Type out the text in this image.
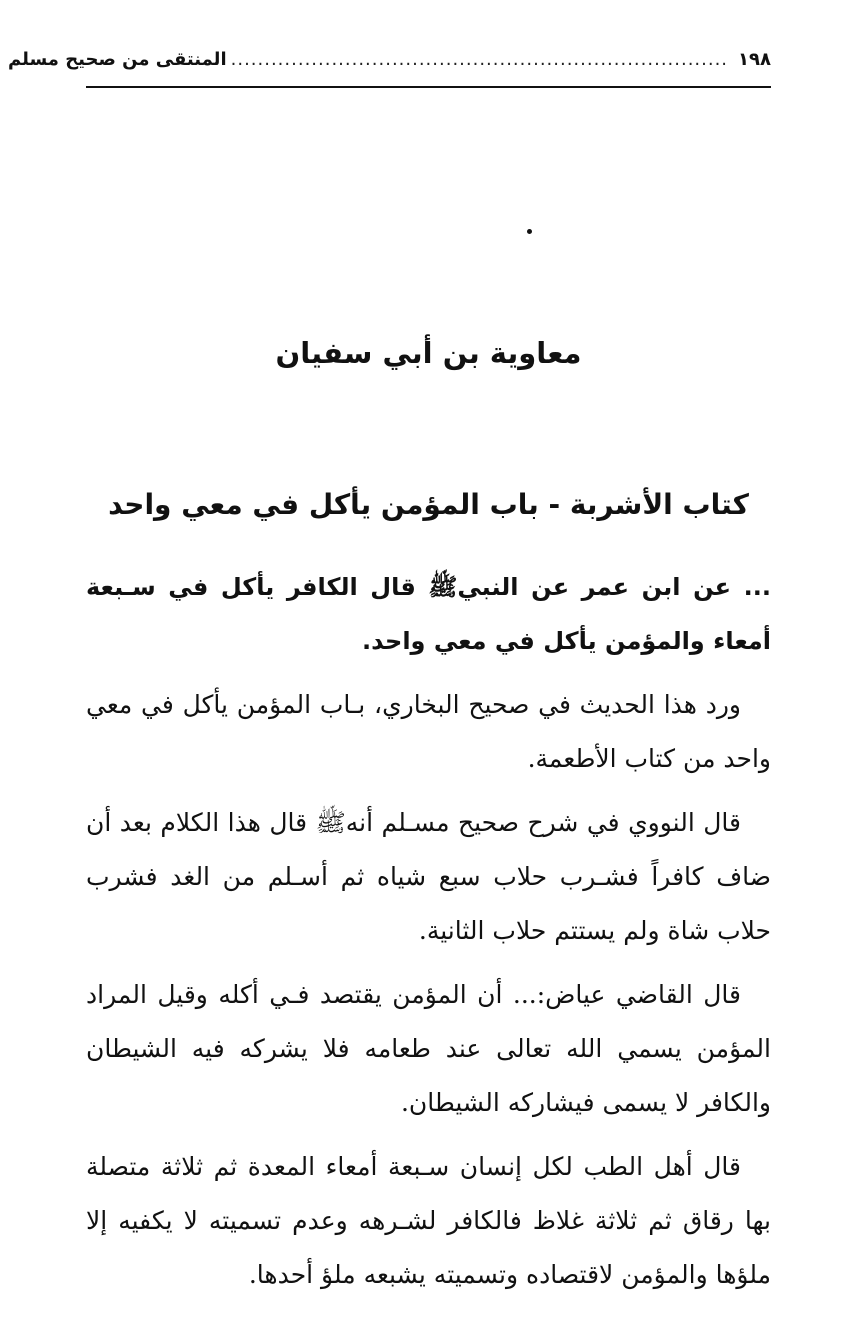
١٩٨
..........................................................................
المنتقى من صحيح مسلم
معاوية بن أبي سفيان
كتاب الأشربة - باب المؤمن يأكل في معي واحد

... عن ابن عمر عن النبيﷺ قال الكافر يأكل في سـبعة أمعاء والمؤمن يأكل في معي واحد.

ورد هذا الحديث في صحيح البخاري، بـاب المؤمن يأكل في معي واحد من كتاب الأطعمة.

قال النووي في شرح صحيح مسـلم أنهﷺ قال هذا الكلام بعد أن ضاف كافراً فشـرب حلاب سبع شياه ثم أسـلم من الغد فشرب حلاب شاة ولم يستتم حلاب الثانية.

قال القاضي عياض:... أن المؤمن يقتصد فـي أكله وقيل المراد المؤمن يسمي الله تعالى عند طعامه فلا يشركه فيه الشيطان والكافر لا يسمى فيشاركه الشيطان.

قال أهل الطب لكل إنسان سـبعة أمعاء المعدة ثم ثلاثة متصلة بها رقاق ثم ثلاثة غلاظ فالكافر لشـرهه وعدم تسميته لا يكفيه إلا ملؤها والمؤمن لاقتصاده وتسميته يشبعه ملؤ أحدها.
